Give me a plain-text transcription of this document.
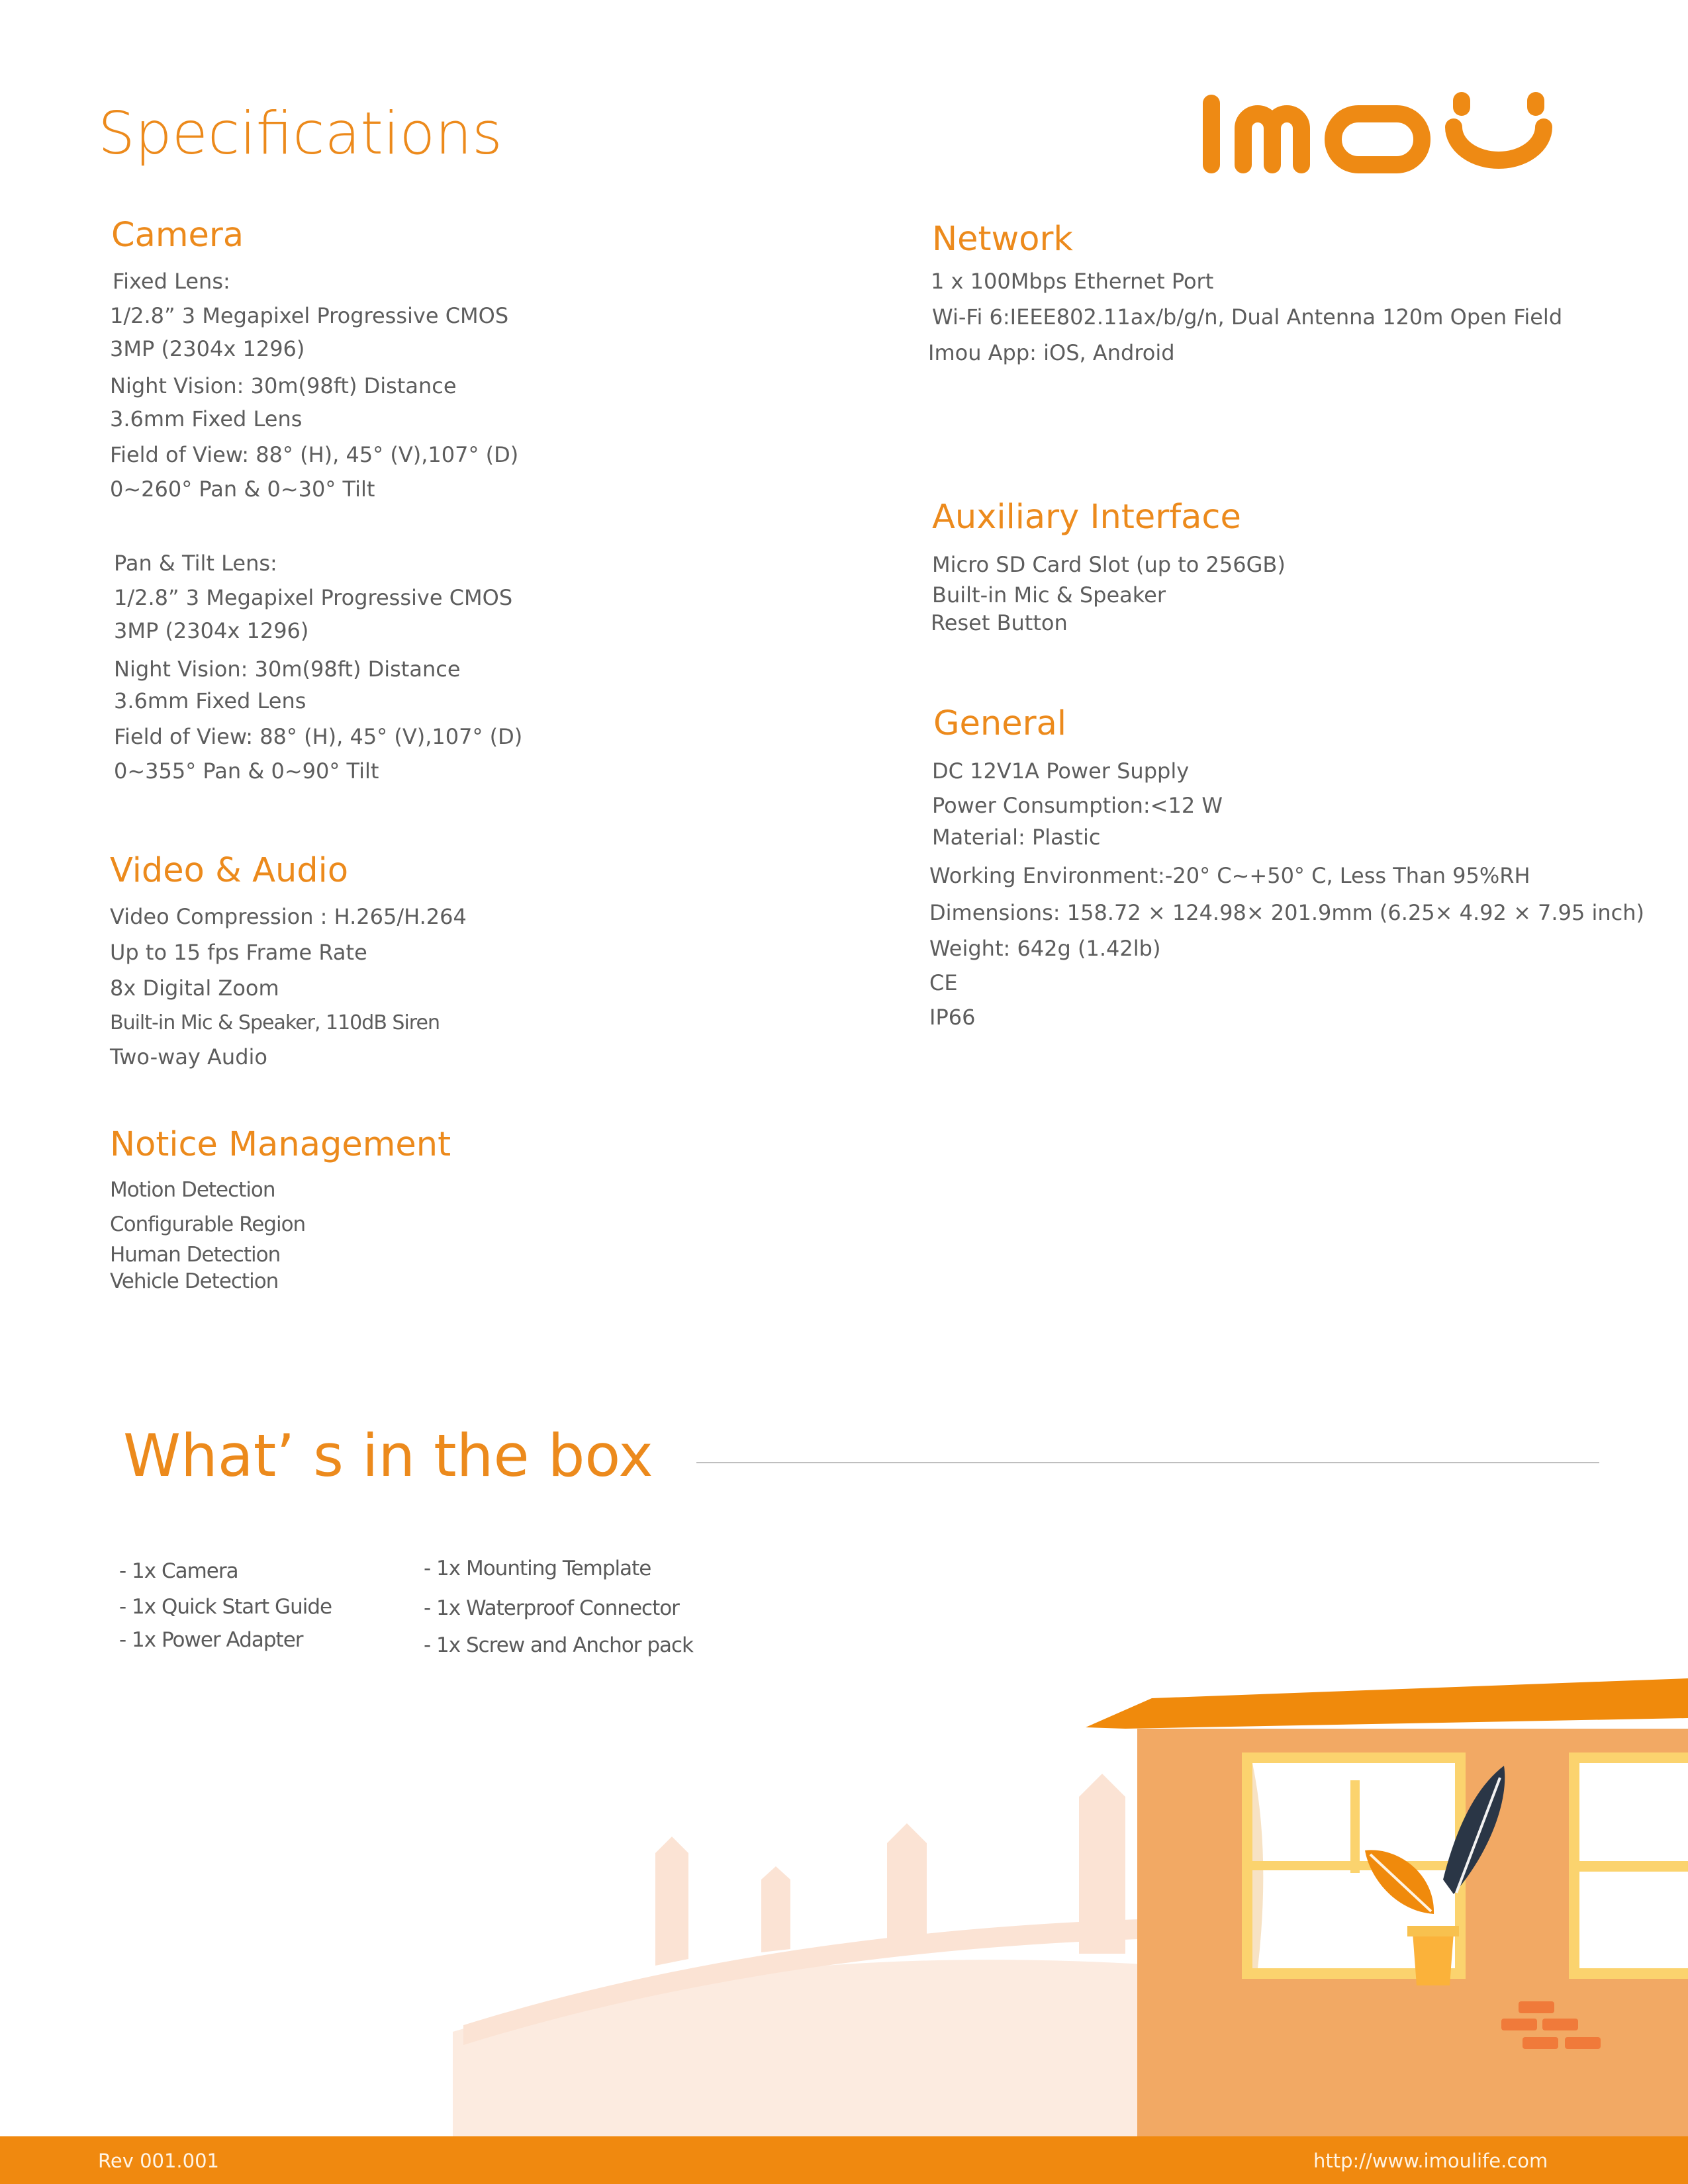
Specifications
imou
Camera
Fixed Lens:
1/2.8” 3 Megapixel Progressive CMOS
3MP (2304x 1296)
Night Vision: 30m(98ft) Distance
3.6mm Fixed Lens
Field of View: 88° (H), 45° (V),107° (D)
0~260° Pan & 0~30° Tilt
Pan & Tilt Lens:
1/2.8” 3 Megapixel Progressive CMOS
3MP (2304x 1296)
Night Vision: 30m(98ft) Distance
3.6mm Fixed Lens
Field of View: 88° (H), 45° (V),107° (D)
0~355° Pan & 0~90° Tilt
Video & Audio
Video Compression : H.265/H.264
Up to 15 fps Frame Rate
8x Digital Zoom
Built-in Mic & Speaker, 110dB Siren
Two-way Audio
Notice Management
Motion Detection
Configurable Region
Human Detection
Vehicle Detection
Network
1 x 100Mbps Ethernet Port
Wi-Fi 6:IEEE802.11ax/b/g/n, Dual Antenna 120m Open Field
Imou App: iOS, Android
Auxiliary Interface
Micro SD Card Slot (up to 256GB)
Built-in Mic & Speaker
Reset Button
General
DC 12V1A Power Supply
Power Consumption:<12 W
Material: Plastic
Working Environment:-20° C~+50° C, Less Than 95%RH
Dimensions: 158.72 × 124.98× 201.9mm (6.25× 4.92 × 7.95 inch)
Weight: 642g (1.42lb)
CE
IP66
What’ s in the box
- 1x Camera
- 1x Quick Start Guide
- 1x Power Adapter
- 1x Mounting Template
- 1x Waterproof Connector
- 1x Screw and Anchor pack
Rev 001.001	http://www.imoulife.com
